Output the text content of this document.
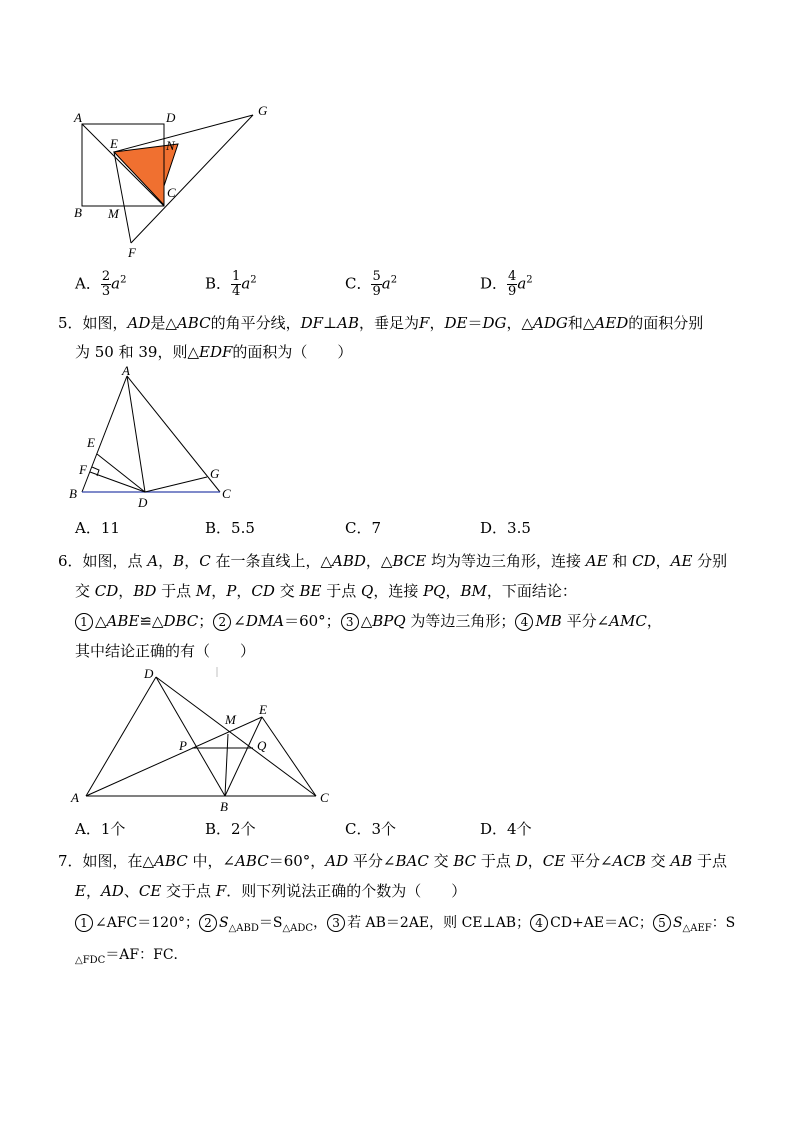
A	D	G
E	N
C
B M
F
A． $\frac{2}{3} a^2$	B． $\frac{1}{4} a^2$	C． $\frac{5}{9} a^2$	D． $\frac{4}{9} a^2$
5．如图，AD是△ABC的角平分线，DF⊥AB，垂足为F，DE＝DG，△ADG和△AED的面积分别
为 50 和 39，则△EDF的面积为（　　）
A
E
F	G
B
D
C
A．11	B．5.5	C．7	D．3.5
6．如图，点 A，B，C 在一条直线上，△ABD，△BCE 均为等边三角形，连接 AE 和 CD，AE 分别
交 CD，BD 于点 M，P，CD 交 BE 于点 Q，连接 PQ，BM，下面结论：
1 △ABE≌△DBC； 2 ∠DMA＝60°； 3 △BPQ 为等边三角形； 4 MB 平分∠AMC，
其中结论正确的有（　　）
D
E
M
P	Q
A
B
C
A．1个	B．2个	C．3个	D．4个
7．如图，在△ABC 中，∠ABC＝60°，AD 平分∠BAC 交 BC 于点 D，CE 平分∠ACB 交 AB 于点
E，AD、CE 交于点 F．则下列说法正确的个数为（　　）
1 ∠AFC＝120°； 2 $S_{\triangle ABD}=S_{\triangle ADC}$， 3 若 AB＝2AE，则 CE⊥AB； 4 CD+AE＝AC； 5 $S_{\triangle AEF}$：S
$_{\triangle FDC}$＝AF：FC．
